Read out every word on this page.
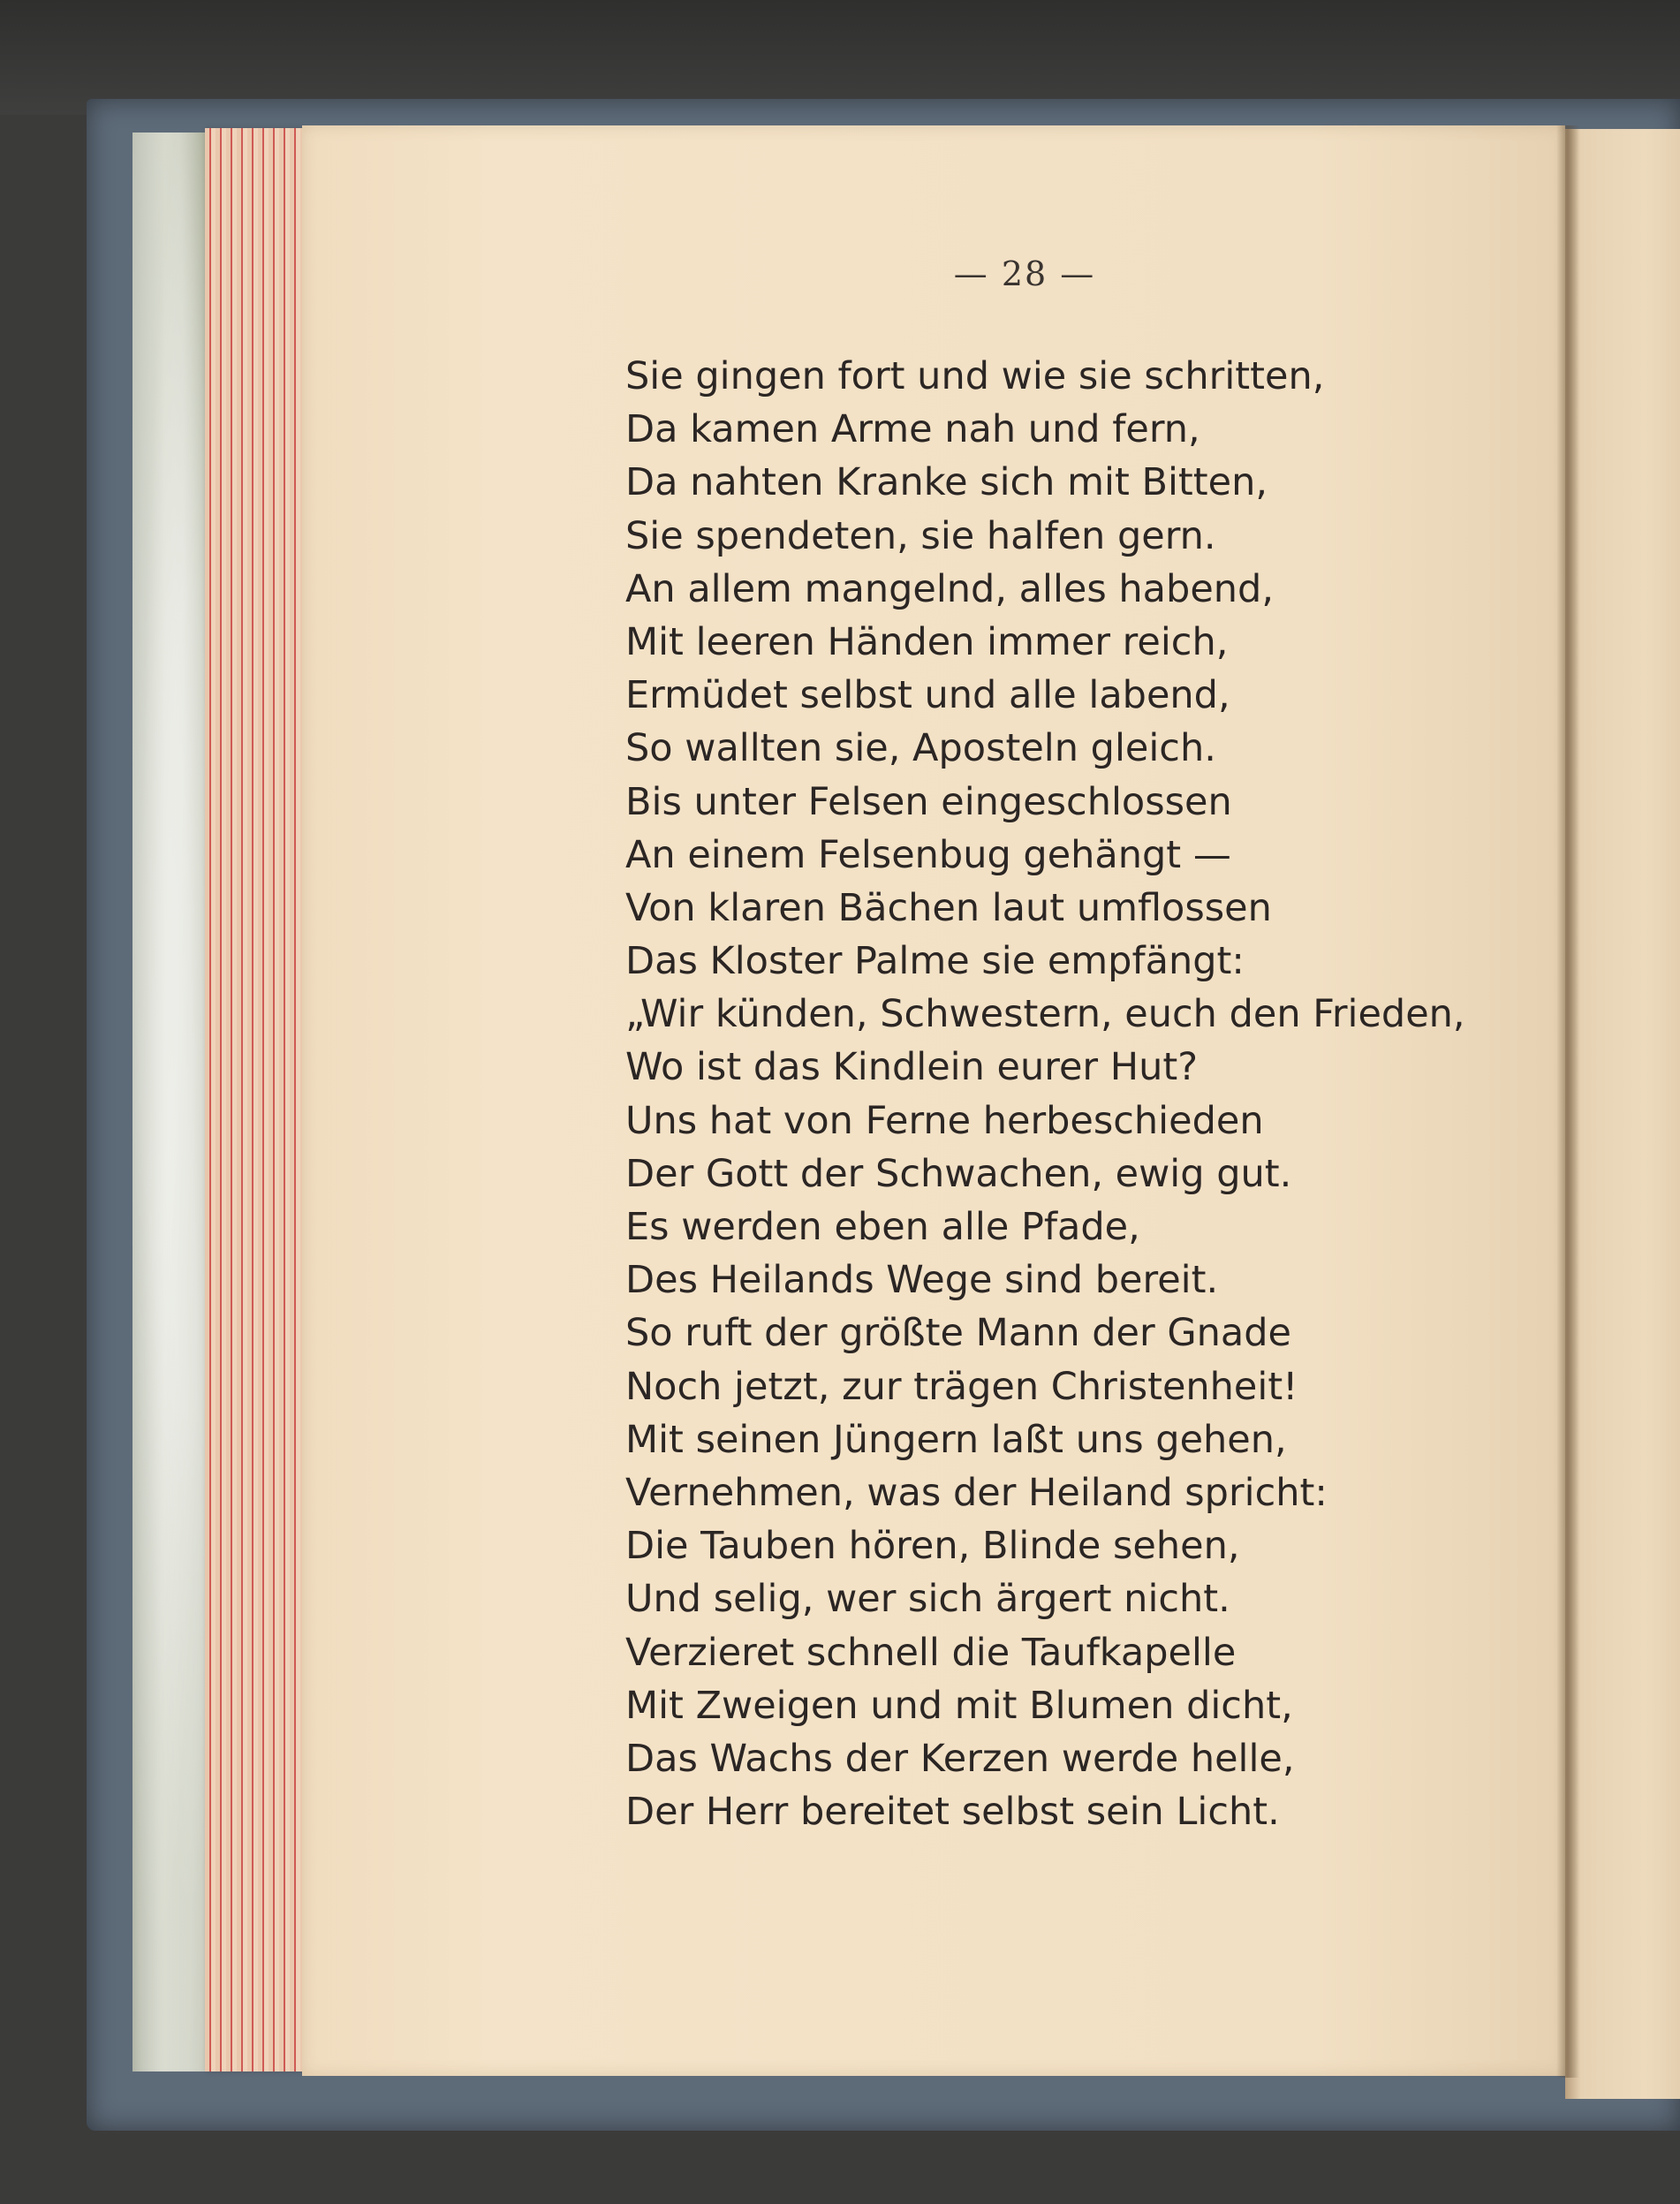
— 28 —
Sie gingen fort und wie sie schritten,
Da kamen Arme nah und fern,
Da nahten Kranke sich mit Bitten,
Sie spendeten, sie halfen gern.
An allem mangelnd, alles habend,
Mit leeren Händen immer reich,
Ermüdet selbst und alle labend,
So wallten sie, Aposteln gleich.
Bis unter Felsen eingeschlossen
An einem Felsenbug gehängt —
Von klaren Bächen laut umflossen
Das Kloster Palme sie empfängt:
„Wir künden, Schwestern, euch den Frieden,
Wo ist das Kindlein eurer Hut?
Uns hat von Ferne herbeschieden
Der Gott der Schwachen, ewig gut.
Es werden eben alle Pfade,
Des Heilands Wege sind bereit.
So ruft der größte Mann der Gnade
Noch jetzt, zur trägen Christenheit!
Mit seinen Jüngern laßt uns gehen,
Vernehmen, was der Heiland spricht:
Die Tauben hören, Blinde sehen,
Und selig, wer sich ärgert nicht.
Verzieret schnell die Taufkapelle
Mit Zweigen und mit Blumen dicht,
Das Wachs der Kerzen werde helle,
Der Herr bereitet selbst sein Licht.
